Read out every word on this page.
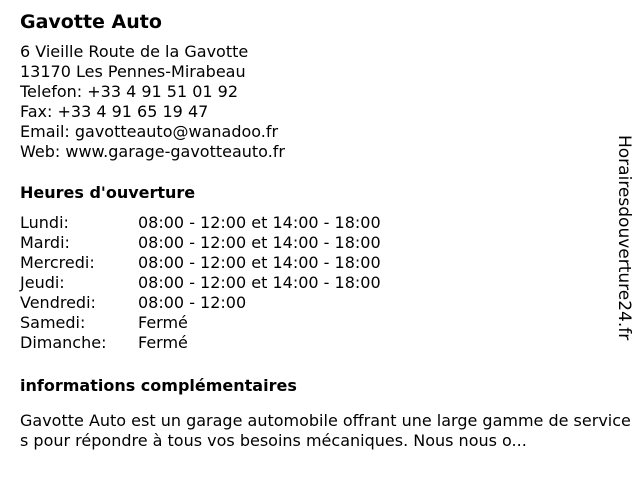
Gavotte Auto
6 Vieille Route de la Gavotte
13170 Les Pennes-Mirabeau
Telefon: +33 4 91 51 01 92
Fax: +33 4 91 65 19 47
Email: gavotteauto@wanadoo.fr
Web: www.garage-gavotteauto.fr
Heures d'ouverture
Lundi:	08:00 - 12:00 et 14:00 - 18:00
Mardi:	08:00 - 12:00 et 14:00 - 18:00
Mercredi:	08:00 - 12:00 et 14:00 - 18:00
Jeudi:	08:00 - 12:00 et 14:00 - 18:00
Vendredi:	08:00 - 12:00
Samedi:	Fermé
Dimanche:	Fermé
informations complémentaires
Gavotte Auto est un garage automobile offrant une large gamme de services pour répondre à tous vos besoins mécaniques. Nous nous o...
Horairesdouverture24.fr
